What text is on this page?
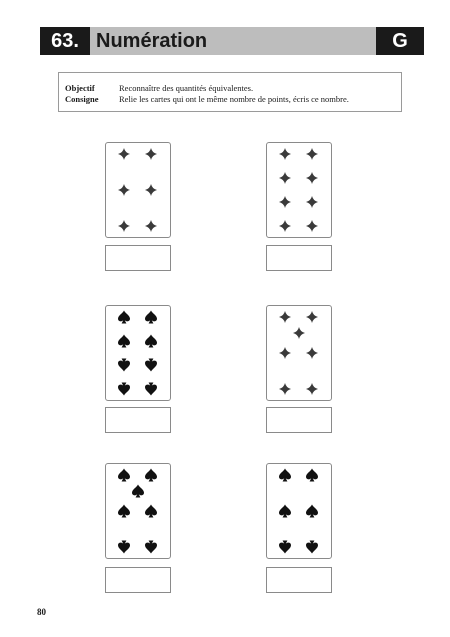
63. Numération	G
Objectif	Reconnaître des quantités équivalentes.
Consigne	Relie les cartes qui ont le même nombre de points, écris ce nombre.
80
